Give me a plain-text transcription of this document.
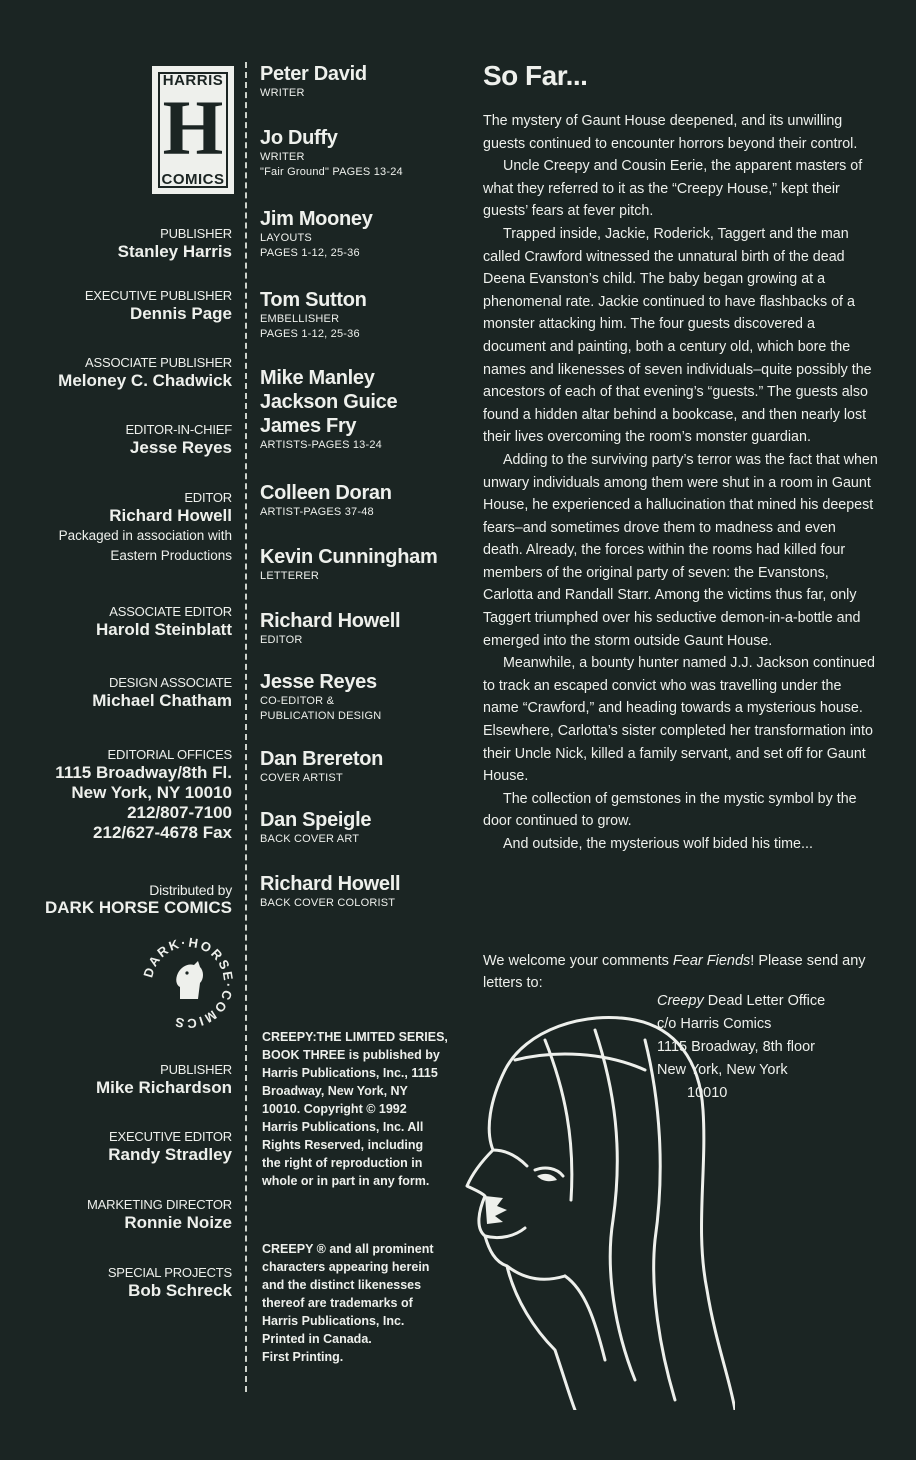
HARRIS
H
COMICS
PUBLISHER
Stanley Harris
EXECUTIVE PUBLISHER
Dennis Page
ASSOCIATE PUBLISHER
Meloney C. Chadwick
EDITOR-IN-CHIEF
Jesse Reyes
EDITOR
Richard Howell
Packaged in association with
Eastern Productions
ASSOCIATE EDITOR
Harold Steinblatt
DESIGN ASSOCIATE
Michael Chatham
EDITORIAL OFFICES
1115 Broadway/8th Fl.
New York, NY 10010
212/807-7100
212/627-4678 Fax
Distributed by
DARK HORSE COMICS
DARK·HORSE·COMICS
PUBLISHER
Mike Richardson
EXECUTIVE EDITOR
Randy Stradley
MARKETING DIRECTOR
Ronnie Noize
SPECIAL PROJECTS
Bob Schreck
Peter David
WRITER
Jo Duffy
WRITER
"Fair Ground" PAGES 13-24
Jim Mooney
LAYOUTS
PAGES 1-12, 25-36
Tom Sutton
EMBELLISHER
PAGES 1-12, 25-36
Mike Manley
Jackson Guice
James Fry
ARTISTS-PAGES 13-24
Colleen Doran
ARTIST-PAGES 37-48
Kevin Cunningham
LETTERER
Richard Howell
EDITOR
Jesse Reyes
CO-EDITOR &
PUBLICATION DESIGN
Dan Brereton
COVER ARTIST
Dan Speigle
BACK COVER ART
Richard Howell
BACK COVER COLORIST
CREEPY:THE LIMITED SERIES,
BOOK THREE is published by
Harris Publications, Inc., 1115
Broadway, New York, NY
10010. Copyright © 1992
Harris Publications, Inc. All
Rights Reserved, including
the right of reproduction in
whole or in part in any form.
CREEPY ® and all prominent
characters appearing herein
and the distinct likenesses
thereof are trademarks of
Harris Publications, Inc.
Printed in Canada.
First Printing.
So Far...

The mystery of Gaunt House deepened, and its unwilling guests continued to encounter horrors beyond their control.

Uncle Creepy and Cousin Eerie, the apparent masters of what they referred to it as the “Creepy House,” kept their guests’ fears at fever pitch.

Trapped inside, Jackie, Roderick, Taggert and the man called Crawford witnessed the unnatural birth of the dead Deena Evanston’s child. The baby began growing at a phenomenal rate. Jackie continued to have flashbacks of a monster attacking him. The four guests discovered a document and painting, both a century old, which bore the names and likenesses of seven individuals–quite possibly the ancestors of each of that evening’s “guests.” The guests also found a hidden altar behind a bookcase, and then nearly lost their lives overcoming the room’s monster guardian.

Adding to the surviving party’s terror was the fact that when unwary individuals among them were shut in a room in Gaunt House, he experienced a hallucination that mined his deepest fears–and sometimes drove them to madness and even death. Already, the forces within the rooms had killed four members of the original party of seven: the Evanstons, Carlotta and Randall Starr. Among the victims thus far, only Taggert triumphed over his seductive demon-in-a-bottle and emerged into the storm outside Gaunt House.

Meanwhile, a bounty hunter named J.J. Jackson continued to track an escaped convict who was travelling under the name “Crawford,” and heading towards a mysterious house. Elsewhere, Carlotta’s sister completed her transformation into their Uncle Nick, killed a family servant, and set off for Gaunt House.

The collection of gemstones in the mystic symbol by the door continued to grow.

And outside, the mysterious wolf bided his time...

We welcome your comments Fear Fiends! Please send any letters to:
Creepy Dead Letter Office
c/o Harris Comics
1115 Broadway, 8th floor
New York, New York
10010
